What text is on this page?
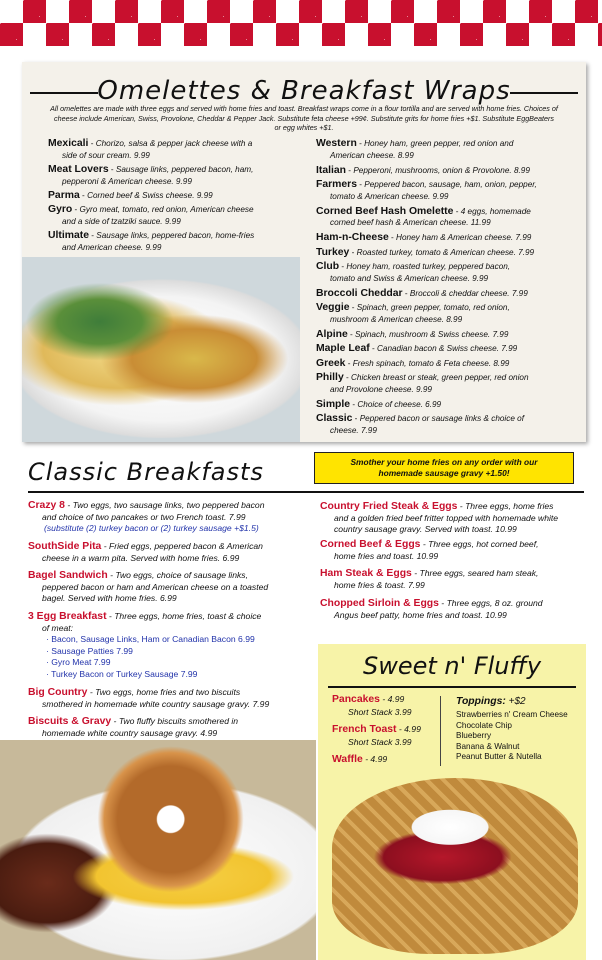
Omelettes & Breakfast Wraps
All omelettes are made with three eggs and served with home fries and toast. Breakfast wraps come in a flour tortilla and are served with home fries. Choices of cheese include American, Swiss, Provolone, Cheddar & Pepper Jack. Substitute feta cheese +99¢. Substitute grits for home fries +$1. Substitute EggBeaters or egg whites +$1.
Mexicali - Chorizo, salsa & pepper jack cheese with a
side of sour cream. 9.99
Meat Lovers - Sausage links, peppered bacon, ham,
pepperoni & American cheese. 9.99
Parma - Corned beef & Swiss cheese. 9.99
Gyro - Gyro meat, tomato, red onion, American cheese
and a side of tzatziki sauce. 9.99
Ultimate - Sausage links, peppered bacon, home-fries
and American cheese. 9.99
Western - Honey ham, green pepper, red onion and
American cheese. 8.99
Italian - Pepperoni, mushrooms, onion & Provolone. 8.99
Farmers - Peppered bacon, sausage, ham, onion, pepper,
tomato & American cheese. 9.99
Corned Beef Hash Omelette - 4 eggs, homemade
corned beef hash & American cheese. 11.99
Ham-n-Cheese - Honey ham & American cheese. 7.99
Turkey - Roasted turkey, tomato & American cheese. 7.99
Club - Honey ham, roasted turkey, peppered bacon,
tomato and Swiss & American cheese. 9.99
Broccoli Cheddar - Broccoli & cheddar cheese. 7.99
Veggie - Spinach, green pepper, tomato, red onion,
mushroom & American cheese. 8.99
Alpine - Spinach, mushroom & Swiss cheese. 7.99
Maple Leaf - Canadian bacon & Swiss cheese. 7.99
Greek - Fresh spinach, tomato & Feta cheese. 8.99
Philly - Chicken breast or steak, green pepper, red onion
and Provolone cheese. 9.99
Simple - Choice of cheese. 6.99
Classic - Peppered bacon or sausage links & choice of
cheese. 7.99
Classic Breakfasts	Smother your home fries on any order with our
homemade sausage gravy +1.50!
Crazy 8 - Two eggs, two sausage links, two peppered bacon
and choice of two pancakes or two French toast. 7.99
(substitute (2) turkey bacon or (2) turkey sausage +$1.5)
SouthSide Pita - Fried eggs, peppered bacon & American
cheese in a warm pita. Served with home fries. 6.99
Bagel Sandwich - Two eggs, choice of sausage links,
peppered bacon or ham and American cheese on a toasted
bagel. Served with home fries. 6.99
3 Egg Breakfast - Three eggs, home fries, toast & choice
of meat:
· Bacon, Sausage Links, Ham or Canadian Bacon 6.99
· Sausage Patties 7.99
· Gyro Meat 7.99
· Turkey Bacon or Turkey Sausage 7.99
Big Country - Two eggs, home fries and two biscuits
smothered in homemade white country sausage gravy. 7.99
Biscuits & Gravy - Two fluffy biscuits smothered in
homemade white country sausage gravy. 4.99
Country Fried Steak & Eggs - Three eggs, home fries
and a golden fried beef fritter topped with homemade white
country sausage gravy. Served with toast. 10.99
Corned Beef & Eggs - Three eggs, hot corned beef,
home fries and toast. 10.99
Ham Steak & Eggs - Three eggs, seared ham steak,
home fries & toast. 7.99
Chopped Sirloin & Eggs - Three eggs, 8 oz. ground
Angus beef patty, home fries and toast. 10.99
Sweet n' Fluffy
Pancakes - 4.99
Short Stack 3.99
French Toast - 4.99
Short Stack 3.99
Waffle - 4.99
Toppings: +$2
Strawberries n' Cream Cheese
Chocolate Chip
Blueberry
Banana & Walnut
Peanut Butter & Nutella
